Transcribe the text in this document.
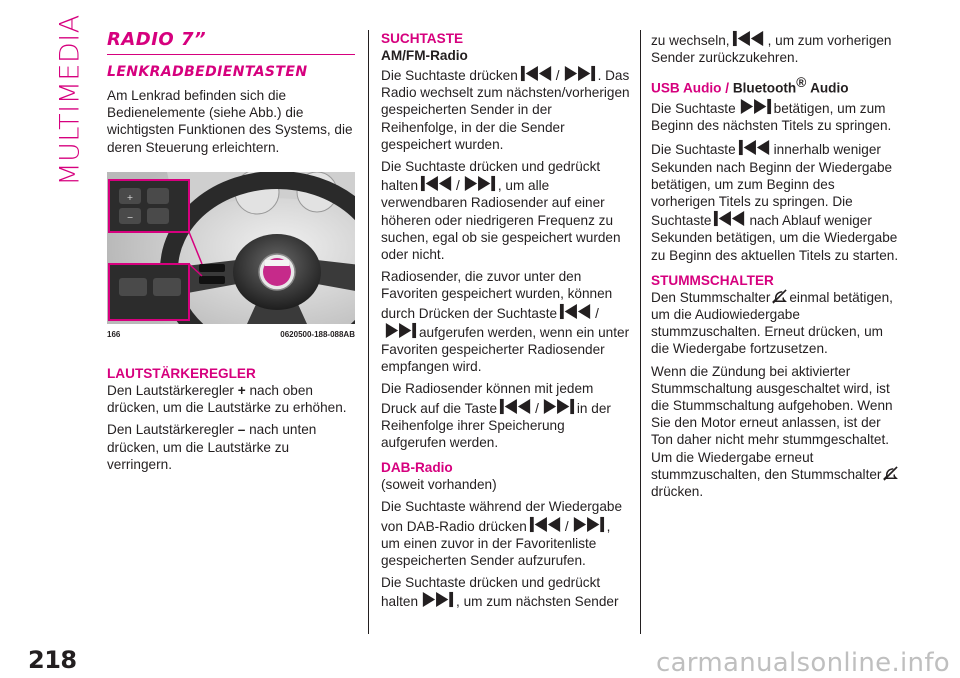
MULTIMEDIA
218	carmanualsonline.info
RADIO 7”
LENKRADBEDIENTASTEN

Am Lenkrad befinden sich die Bedienelemente (siehe Abb.) die wichtigsten Funktionen des Systems, die deren Steuerung erleichtern.

+
−
166	0620500-188-088AB
LAUTSTÄRKEREGLER

Den Lautstärkeregler + nach oben drücken, um die Lautstärke zu erhöhen.

Den Lautstärkeregler – nach unten drücken, um die Lautstärke zu verringern.

SUCHTASTE
AM/FM-Radio

Die Suchtaste drücken	/	. Das Radio wechselt zum nächsten/vorherigen gespeicherten Sender in der Reihenfolge, in der die Sender gespeichert wurden.

Die Suchtaste drücken und gedrückt halten	/	, um alle verwendbaren Radiosender auf einer höheren oder niedrigeren Frequenz zu suchen, egal ob sie gespeichert wurden oder nicht.

Radiosender, die zuvor unter den Favoriten gespeichert wurden, können durch Drücken der Suchtaste	/aufgerufen werden, wenn ein unter Favoriten gespeicherter Radiosender empfangen wird.

Die Radiosender können mit jedem Druck auf die Taste	/	in der Reihenfolge ihrer Speicherung aufgerufen werden.

DAB-Radio

(soweit vorhanden)

Die Suchtaste während der Wiedergabe von DAB-Radio drücken	/	, um einen zuvor in der Favoritenliste gespeicherten Sender aufzurufen.

Die Suchtaste drücken und gedrückt halten	, um zum nächsten Sender

zu wechseln,	, um zum vorherigen Sender zurückzukehren.

USB Audio / Bluetooth® Audio

Die Suchtaste	betätigen, um zum Beginn des nächsten Titels zu springen.

Die Suchtaste	innerhalb weniger Sekunden nach Beginn der Wiedergabe betätigen, um zum Beginn des vorherigen Titels zu springen. Die Suchtaste	nach Ablauf weniger Sekunden betätigen, um die Wiedergabe zu Beginn des aktuellen Titels zu starten.

STUMMSCHALTER

Den Stummschalter einmal betätigen, um die Audiowiedergabe stummzuschalten. Erneut drücken, um die Wiedergabe fortzusetzen.

Wenn die Zündung bei aktivierter Stummschaltung ausgeschaltet wird, ist die Stummschaltung aufgehoben. Wenn Sie den Motor erneut anlassen, ist der Ton daher nicht mehr stummgeschaltet. Um die Wiedergabe erneut stummzuschalten, den Stummschalterdrücken.
